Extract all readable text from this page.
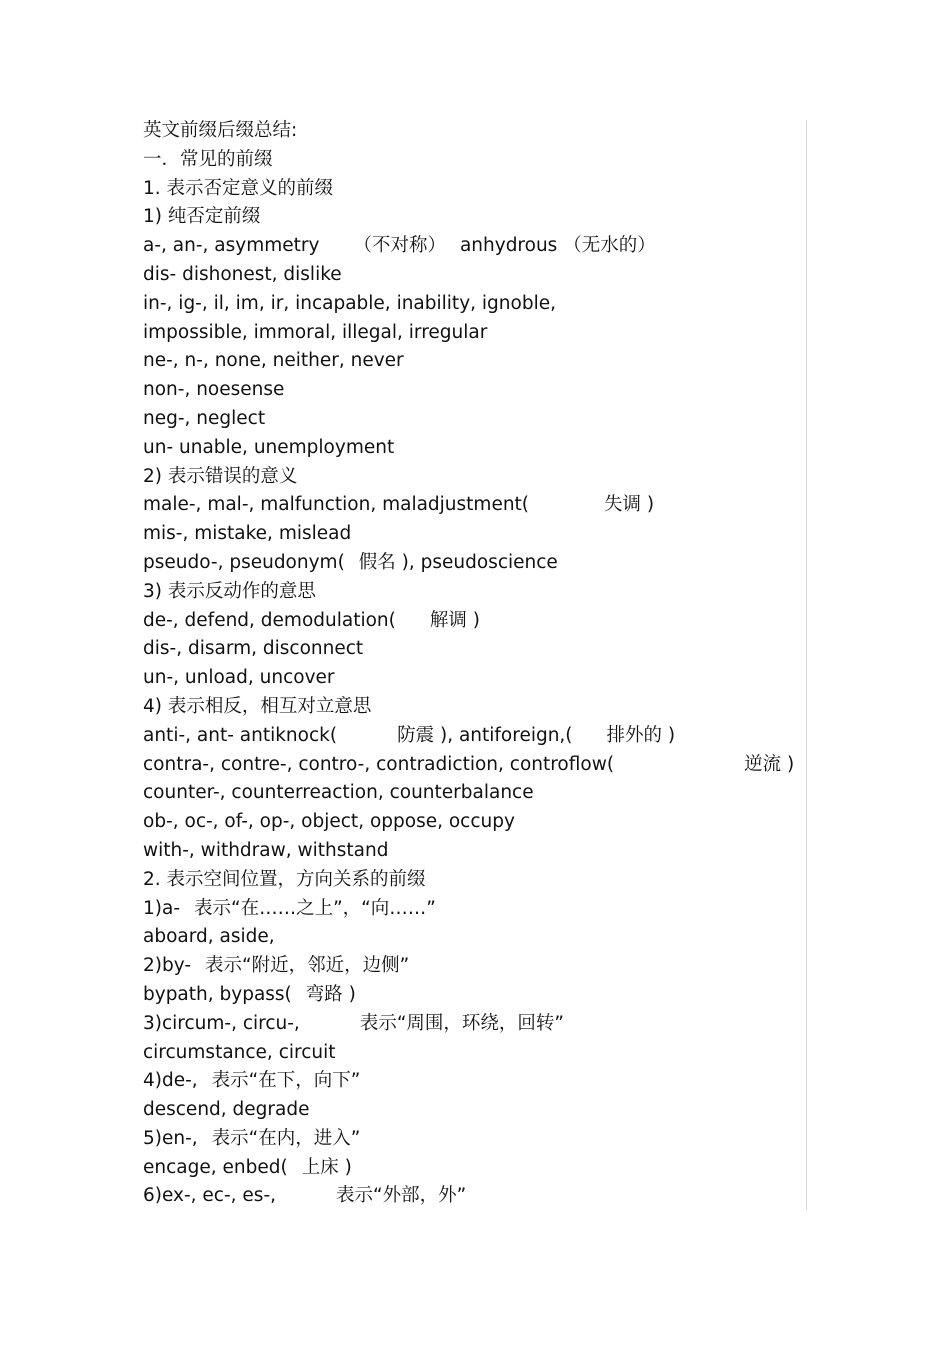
英文前缀后缀总结:
一．常见的前缀
1. 表示否定意义的前缀
1) 纯否定前缀
a-, an-, asymmetry （不对称） anhydrous （无水的）
dis- dishonest, dislike
in-, ig-, il, im, ir, incapable, inability, ignoble,
impossible, immoral, illegal, irregular
ne-, n-, none, neither, never
non-, noesense
neg-, neglect
un- unable, unemployment
2) 表示错误的意义
male-, mal-, malfunction, maladjustment(	失调 )
mis-, mistake, mislead
pseudo-, pseudonym( 假名 ), pseudoscience
3) 表示反动作的意思
de-, defend, demodulation( 解调 )
dis-, disarm, disconnect
un-, unload, uncover
4) 表示相反，相互对立意思
anti-, ant- antiknock(	防震 ), antiforeign,( 排外的 )
contra-, contre-, contro-, contradiction, controflow(	逆流 )
counter-, counterreaction, counterbalance
ob-, oc-, of-, op-, object, oppose, occupy
with-, withdraw, withstand
2. 表示空间位置，方向关系的前缀
1)a- 表示“在……之上”，“向……”
aboard, aside,
2)by- 表示“附近，邻近，边侧”
bypath, bypass( 弯路 )
3)circum-, circu-,	表示“周围，环绕，回转”
circumstance, circuit
4)de-, 表示“在下，向下”
descend, degrade
5)en-, 表示“在内，进入”
encage, enbed( 上床 )
6)ex-, ec-, es-,	表示“外部，外”
